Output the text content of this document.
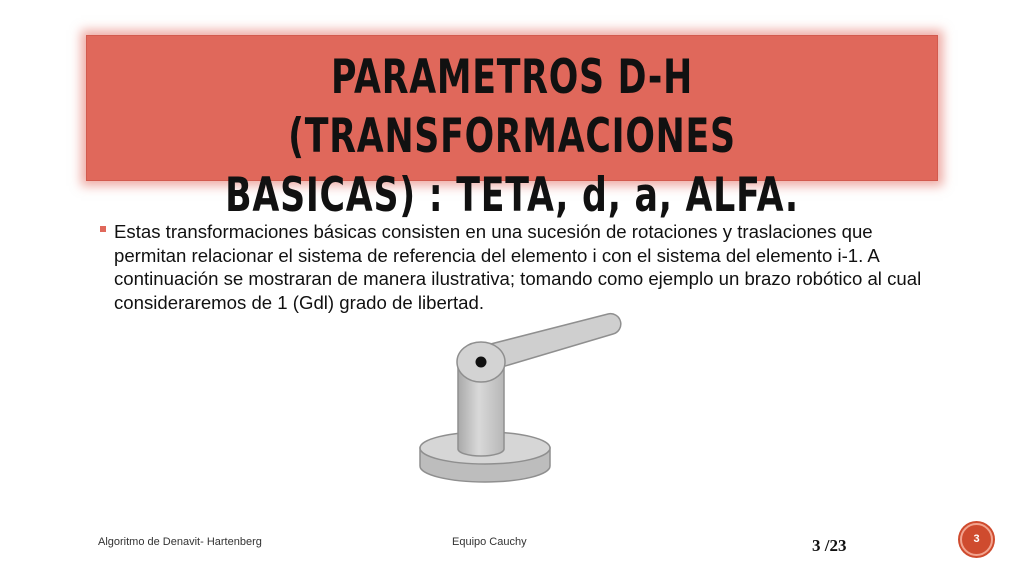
PARAMETROS D-H (TRANSFORMACIONES
BASICAS) : TETA, d, a, ALFA.
Estas transformaciones básicas consisten en una sucesión de rotaciones y traslaciones que permitan relacionar el sistema de referencia del elemento i con el sistema del elemento i-1. A continuación se mostraran de manera ilustrativa; tomando como ejemplo un brazo robótico al cual consideraremos de 1 (Gdl) grado de libertad.
Algoritmo de Denavit- Hartenberg	Equipo Cauchy	3 /23	3
